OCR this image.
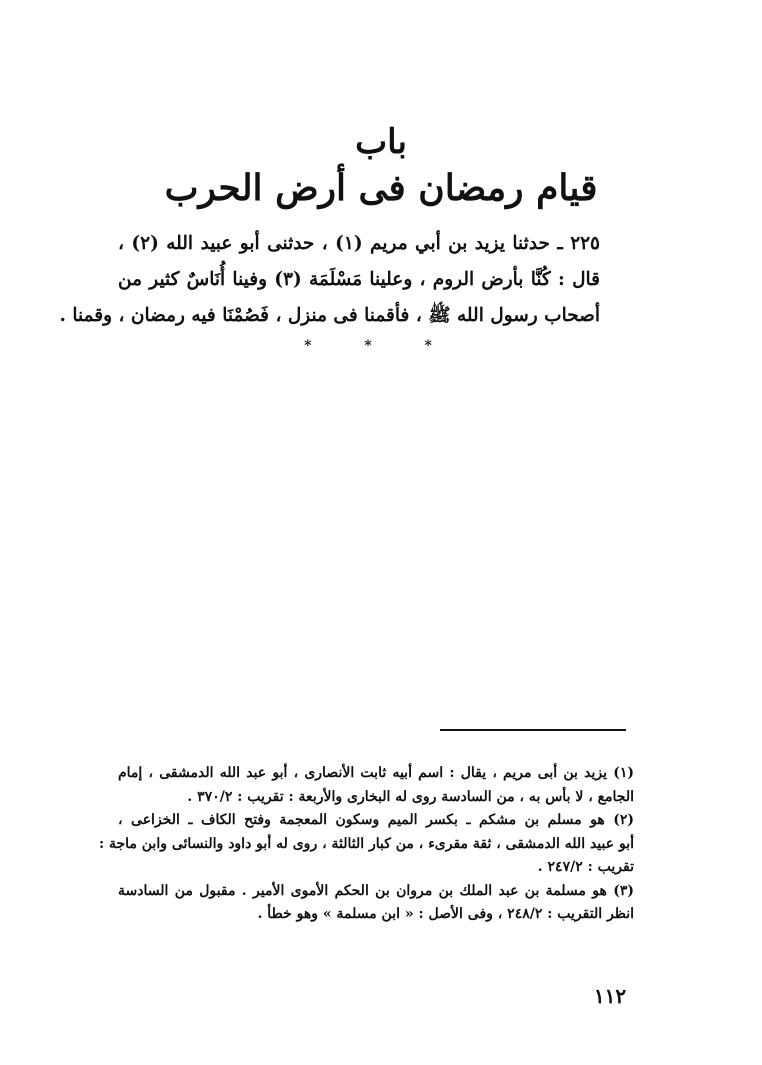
باب
قيام رمضان فى أرض الحرب
٢٢٥ ـ حدثنا يزيد بن أبي مريم (١) ، حدثنى أبو عبيد الله (٢) ،
قال : كُنَّا بأرض الروم ، وعلينا مَسْلَمَة (٣) وفينا أُنَاسٌ كثير من
أصحاب رسول الله ﷺ ، فأقمنا فى منزل ، فَصُمْنَا فيه رمضان ، وقمنا .
* * *
(١) يزيد بن أبى مريم ، يقال : اسم أبيه ثابت الأنصارى ، أبو عبد الله الدمشقى ، إمام
الجامع ، لا بأس به ، من السادسة روى له البخارى والأربعة : تقريب : ٣٧٠/٢ .
(٢) هو مسلم بن مشكم ـ بكسر الميم وسكون المعجمة وفتح الكاف ـ الخزاعى ،
أبو عبيد الله الدمشقى ، ثقة مقرىء ، من كبار الثالثة ، روى له أبو داود والنسائى وابن ماجة :
تقريب : ٢٤٧/٢ .
(٣) هو مسلمة بن عبد الملك بن مروان بن الحكم الأموى الأمير . مقبول من السادسة
انظر التقريب : ٢٤٨/٢ ، وفى الأصل : « ابن مسلمة » وهو خطأ .
١١٢
